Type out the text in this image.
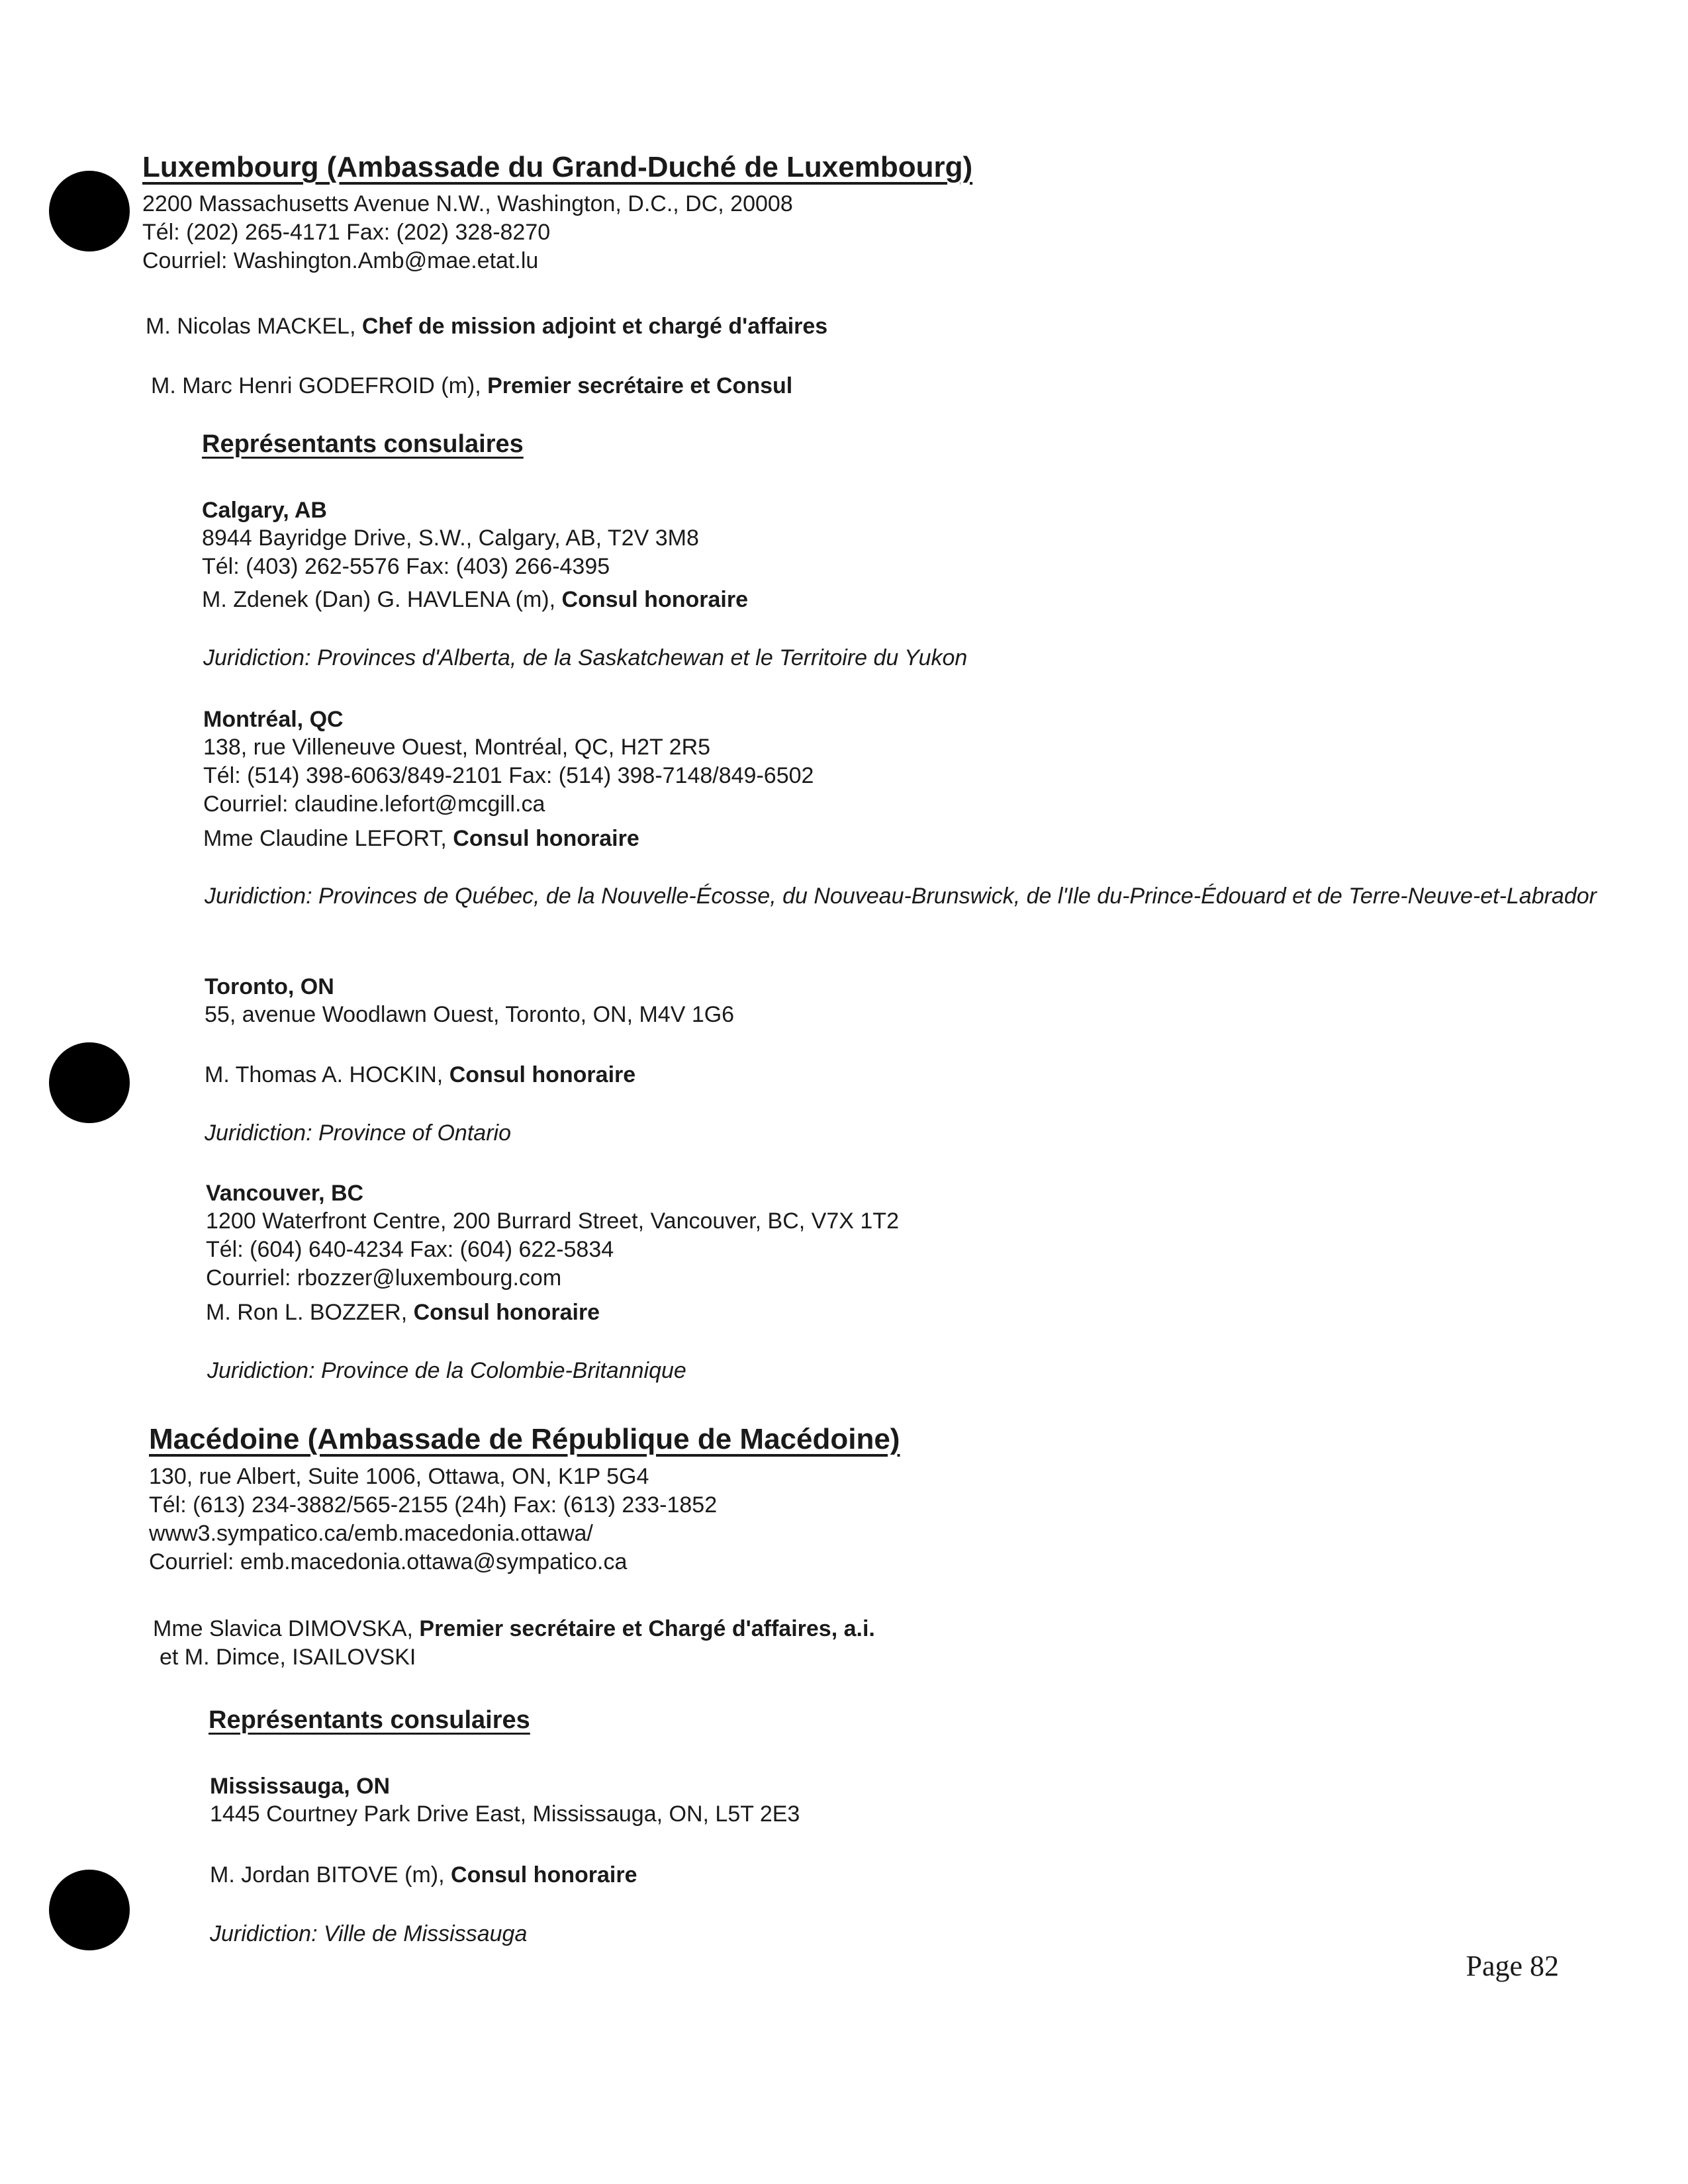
Luxembourg (Ambassade du Grand-Duché de Luxembourg)
2200 Massachusetts Avenue N.W., Washington, D.C., DC, 20008
Tél: (202) 265-4171 Fax: (202) 328-8270
Courriel: Washington.Amb@mae.etat.lu
M. Nicolas MACKEL, Chef de mission adjoint et chargé d'affaires
M. Marc Henri GODEFROID (m), Premier secrétaire et Consul
Représentants consulaires
Calgary, AB
8944 Bayridge Drive, S.W., Calgary, AB, T2V 3M8
Tél: (403) 262-5576 Fax: (403) 266-4395
M. Zdenek (Dan) G. HAVLENA (m), Consul honoraire
Juridiction: Provinces d'Alberta, de la Saskatchewan et le Territoire du Yukon
Montréal, QC
138, rue Villeneuve Ouest, Montréal, QC, H2T 2R5
Tél: (514) 398-6063/849-2101 Fax: (514) 398-7148/849-6502
Courriel: claudine.lefort@mcgill.ca
Mme Claudine LEFORT, Consul honoraire
Juridiction: Provinces de Québec, de la Nouvelle-Écosse, du Nouveau-Brunswick, de l'Ile du-Prince-Édouard et de Terre-Neuve-et-Labrador
Toronto, ON
55, avenue Woodlawn Ouest, Toronto, ON, M4V 1G6
M. Thomas A. HOCKIN, Consul honoraire
Juridiction: Province of Ontario
Vancouver, BC
1200 Waterfront Centre, 200 Burrard Street, Vancouver, BC, V7X 1T2
Tél: (604) 640-4234 Fax: (604) 622-5834
Courriel: rbozzer@luxembourg.com
M. Ron L. BOZZER, Consul honoraire
Juridiction: Province de la Colombie-Britannique
Macédoine (Ambassade de République de Macédoine)
130, rue Albert, Suite 1006, Ottawa, ON, K1P 5G4
Tél: (613) 234-3882/565-2155 (24h) Fax: (613) 233-1852
www3.sympatico.ca/emb.macedonia.ottawa/
Courriel: emb.macedonia.ottawa@sympatico.ca
Mme Slavica DIMOVSKA, Premier secrétaire et Chargé d'affaires, a.i.
et M. Dimce, ISAILOVSKI
Représentants consulaires
Mississauga, ON
1445 Courtney Park Drive East, Mississauga, ON, L5T 2E3
M. Jordan BITOVE (m), Consul honoraire
Juridiction: Ville de Mississauga
Page 82
